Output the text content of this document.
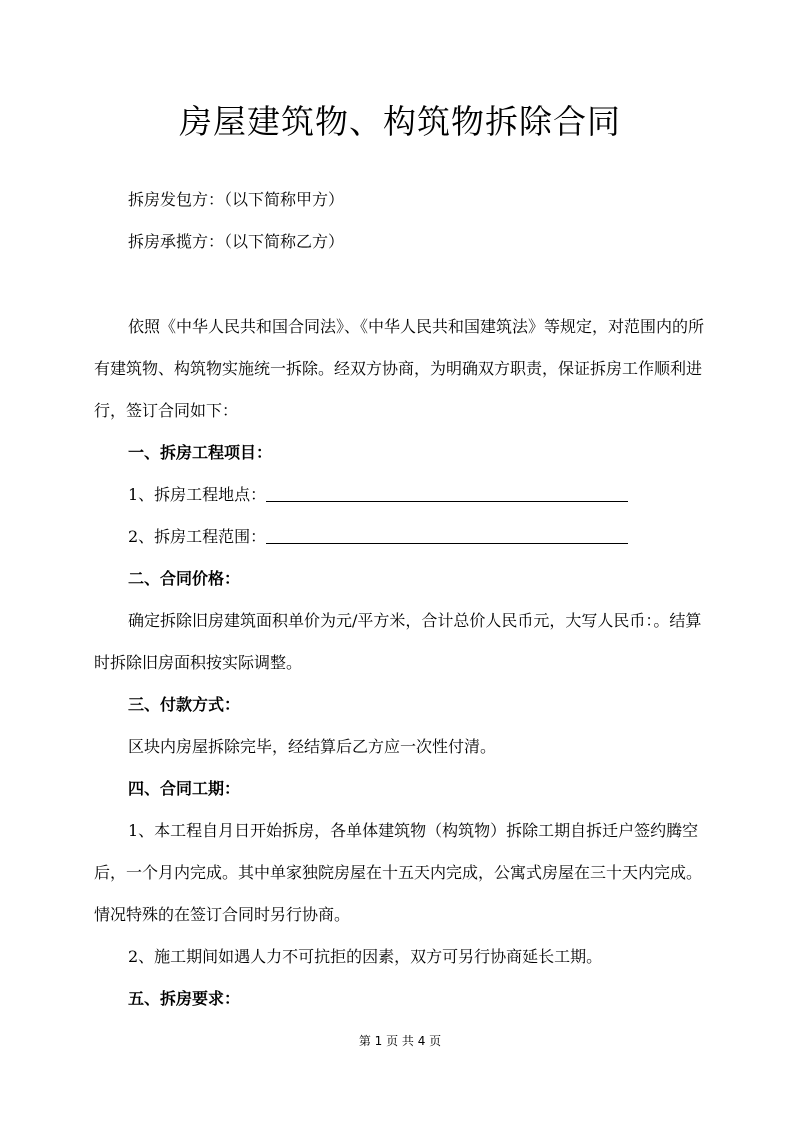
房屋建筑物、构筑物拆除合同
拆房发包方：（以下简称甲方）
拆房承揽方：（以下简称乙方）
依照《中华人民共和国合同法》、《中华人民共和国建筑法》等规定，对范围内的所
有建筑物、构筑物实施统一拆除。经双方协商，为明确双方职责，保证拆房工作顺利进
行，签订合同如下：
一、拆房工程项目：
1、拆房工程地点：
2、拆房工程范围：
二、合同价格：
确定拆除旧房建筑面积单价为元/平方米，合计总价人民币元，大写人民币：。结算
时拆除旧房面积按实际调整。
三、付款方式：
区块内房屋拆除完毕，经结算后乙方应一次性付清。
四、合同工期：
1、本工程自月日开始拆房，各单体建筑物（构筑物）拆除工期自拆迁户签约腾空
后，一个月内完成。其中单家独院房屋在十五天内完成，公寓式房屋在三十天内完成。
情况特殊的在签订合同时另行协商。
2、施工期间如遇人力不可抗拒的因素，双方可另行协商延长工期。
五、拆房要求：
第 1 页 共 4 页
